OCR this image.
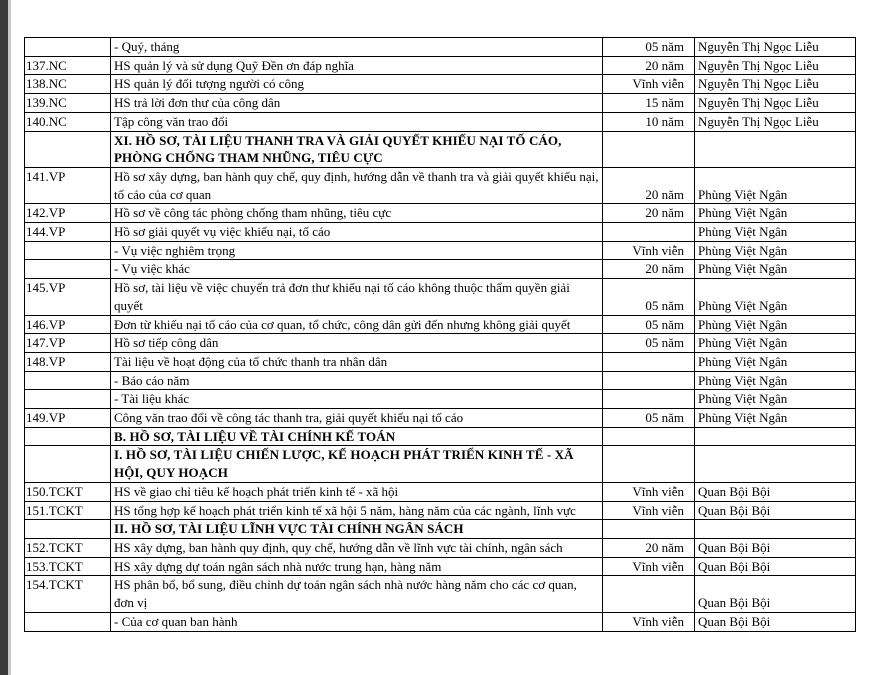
	- Quý, tháng	05 năm	Nguyễn Thị Ngọc Liễu
137.NC	HS quản lý và sử dụng Quỹ Đền ơn đáp nghĩa	20 năm	Nguyễn Thị Ngọc Liễu
138.NC	HS quản lý đối tượng người có công	Vĩnh viễn	Nguyễn Thị Ngọc Liễu
139.NC	HS trả lời đơn thư của công dân	15 năm	Nguyễn Thị Ngọc Liễu
140.NC	Tập công văn trao đổi	10 năm	Nguyễn Thị Ngọc Liễu
	XI. HỒ SƠ, TÀI LIỆU THANH TRA VÀ GIẢI QUYẾT KHIẾU NẠI TỐ CÁO, PHÒNG CHỐNG THAM NHŨNG, TIÊU CỰC		
141.VP	Hồ sơ xây dựng, ban hành quy chế, quy định, hướng dẫn về thanh tra và giải quyết khiếu nại, tố cáo của cơ quan	20 năm	Phùng Việt Ngân
142.VP	Hồ sơ về công tác phòng chống tham nhũng, tiêu cực	20 năm	Phùng Việt Ngân
144.VP	Hồ sơ giải quyết vụ việc khiếu nại, tố cáo		Phùng Việt Ngân
	- Vụ việc nghiêm trọng	Vĩnh viễn	Phùng Việt Ngân
	- Vụ việc khác	20 năm	Phùng Việt Ngân
145.VP	Hồ sơ, tài liệu về việc chuyển trả đơn thư khiếu nại tố cáo không thuộc thẩm quyền giải quyết	05 năm	Phùng Việt Ngân
146.VP	Đơn từ khiếu nại tố cáo của cơ quan, tổ chức, công dân gửi đến nhưng không giải quyết	05 năm	Phùng Việt Ngân
147.VP	Hồ sơ tiếp công dân	05 năm	Phùng Việt Ngân
148.VP	Tài liệu về hoạt động của tổ chức thanh tra nhân dân		Phùng Việt Ngân
	- Báo cáo năm		Phùng Việt Ngân
	- Tài liệu khác		Phùng Việt Ngân
149.VP	Công văn trao đổi về công tác thanh tra, giải quyết khiếu nại tố cáo	05 năm	Phùng Việt Ngân
	B. HỒ SƠ, TÀI LIỆU VỀ TÀI CHÍNH KẾ TOÁN		
	I. HỒ SƠ, TÀI LIỆU CHIẾN LƯỢC, KẾ HOẠCH PHÁT TRIỂN KINH TẾ - XÃ HỘI, QUY HOẠCH		
150.TCKT	HS về giao chỉ tiêu kế hoạch phát triển kinh tế - xã hội	Vĩnh viễn	Quan Bội Bội
151.TCKT	HS tổng hợp kế hoạch phát triển kinh tế xã hội 5 năm, hàng năm của các ngành, lĩnh vực	Vĩnh viễn	Quan Bội Bội
	II. HỒ SƠ, TÀI LIỆU LĨNH VỰC TÀI CHÍNH NGÂN SÁCH		
152.TCKT	HS xây dựng, ban hành quy định, quy chế, hướng dẫn về lĩnh vực tài chính, ngân sách	20 năm	Quan Bội Bội
153.TCKT	HS xây dựng dự toán ngân sách nhà nước trung hạn, hàng năm	Vĩnh viễn	Quan Bội Bội
154.TCKT	HS phân bổ, bổ sung, điều chỉnh dự toán ngân sách nhà nước hàng năm cho các cơ quan, đơn vị		Quan Bội Bội
	- Của cơ quan ban hành	Vĩnh viễn	Quan Bội Bội
